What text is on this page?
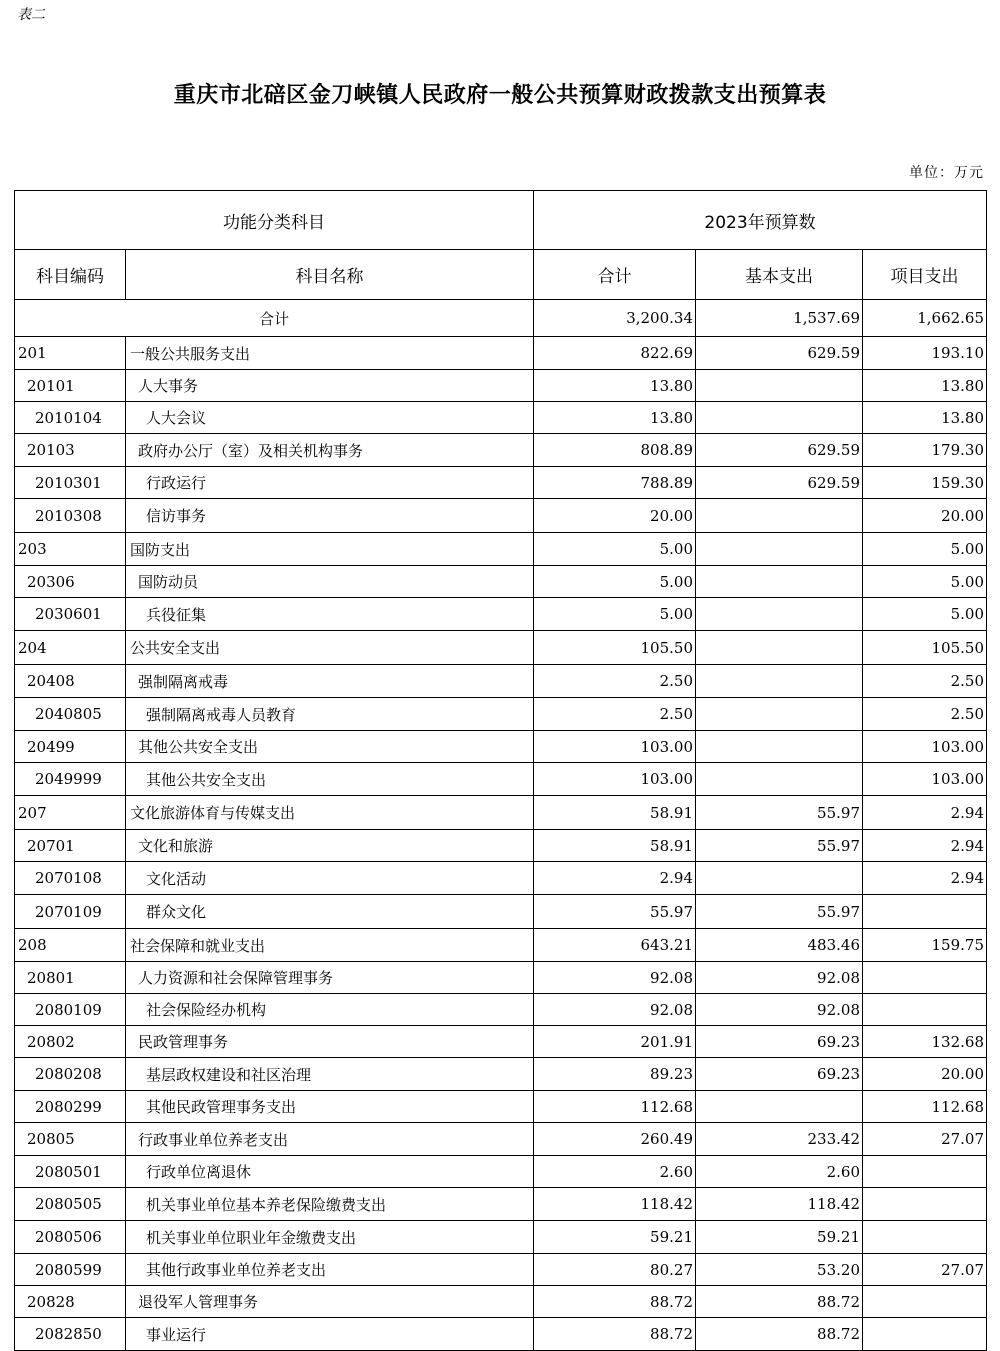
表二
重庆市北碚区金刀峡镇人民政府一般公共预算财政拨款支出预算表
单位：万元
功能分类科目		2023年预算数		
科目编码	科目名称	合计	基本支出	项目支出
合计		3,200.34	1,537.69	1,662.65
201	一般公共服务支出	822.69	629.59	193.10
20101	人大事务	13.80		13.80
2010104	人大会议	13.80		13.80
20103	政府办公厅（室）及相关机构事务	808.89	629.59	179.30
2010301	行政运行	788.89	629.59	159.30
2010308	信访事务	20.00		20.00
203	国防支出	5.00		5.00
20306	国防动员	5.00		5.00
2030601	兵役征集	5.00		5.00
204	公共安全支出	105.50		105.50
20408	强制隔离戒毒	2.50		2.50
2040805	强制隔离戒毒人员教育	2.50		2.50
20499	其他公共安全支出	103.00		103.00
2049999	其他公共安全支出	103.00		103.00
207	文化旅游体育与传媒支出	58.91	55.97	2.94
20701	文化和旅游	58.91	55.97	2.94
2070108	文化活动	2.94		2.94
2070109	群众文化	55.97	55.97	
208	社会保障和就业支出	643.21	483.46	159.75
20801	人力资源和社会保障管理事务	92.08	92.08	
2080109	社会保险经办机构	92.08	92.08	
20802	民政管理事务	201.91	69.23	132.68
2080208	基层政权建设和社区治理	89.23	69.23	20.00
2080299	其他民政管理事务支出	112.68		112.68
20805	行政事业单位养老支出	260.49	233.42	27.07
2080501	行政单位离退休	2.60	2.60	
2080505	机关事业单位基本养老保险缴费支出	118.42	118.42	
2080506	机关事业单位职业年金缴费支出	59.21	59.21	
2080599	其他行政事业单位养老支出	80.27	53.20	27.07
20828	退役军人管理事务	88.72	88.72	
2082850	事业运行	88.72	88.72	
